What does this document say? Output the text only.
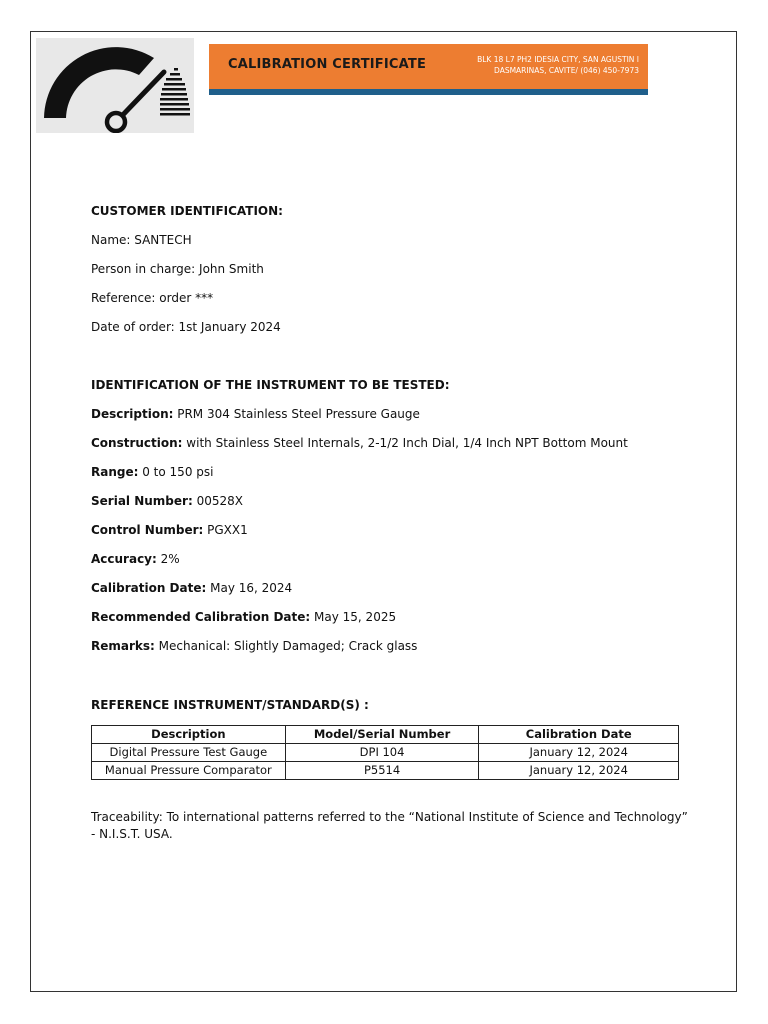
CALIBRATION CERTIFICATE	BLK 18 L7 PH2 IDESIA CITY, SAN AGUSTIN I
DASMARINAS, CAVITE/ (046) 450-7973
CUSTOMER IDENTIFICATION:
Name: SANTECH
Person in charge: John Smith
Reference: order ***
Date of order: 1st January 2024
IDENTIFICATION OF THE INSTRUMENT TO BE TESTED:
Description: PRM 304 Stainless Steel Pressure Gauge
Construction: with Stainless Steel Internals, 2-1/2 Inch Dial, 1/4 Inch NPT Bottom Mount
Range: 0 to 150 psi
Serial Number: 00528X
Control Number: PGXX1
Accuracy: 2%
Calibration Date: May 16, 2024
Recommended Calibration Date: May 15, 2025
Remarks: Mechanical: Slightly Damaged; Crack glass
REFERENCE INSTRUMENT/STANDARD(S) :
Description	Model/Serial Number	Calibration Date
Digital Pressure Test Gauge	DPI 104	January 12, 2024
Manual Pressure Comparator	P5514	January 12, 2024
Traceability: To international patterns referred to the “National Institute of Science and Technology”
- N.I.S.T. USA.
